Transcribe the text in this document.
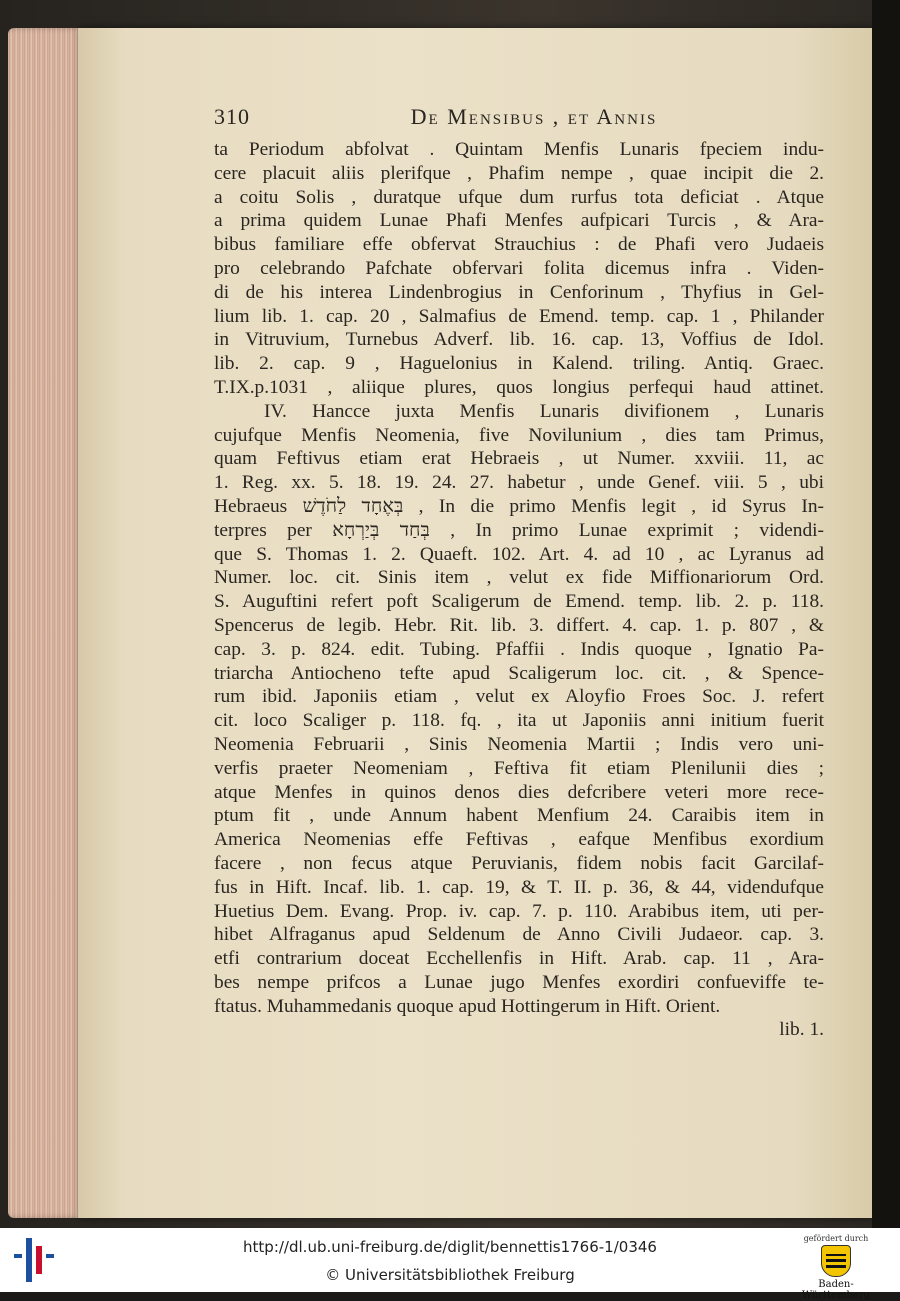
310	De Mensibus , et Annis
ta Periodum abfolvat . Quintam Menfis Lunaris fpeciem indu-
cere placuit aliis plerifque , Phafim nempe , quae incipit die 2.
a coitu Solis , duratque ufque dum rurfus tota deficiat . Atque
a prima quidem Lunae Phafi Menfes aufpicari Turcis , & Ara-
bibus familiare effe obfervat Strauchius : de Phafi vero Judaeis
pro celebrando Pafchate obfervari folita dicemus infra . Viden-
di de his interea Lindenbrogius in Cenforinum , Thyfius in Gel-
lium lib. 1. cap. 20 , Salmafius de Emend. temp. cap. 1 , Philander
in Vitruvium, Turnebus Adverf. lib. 16. cap. 13, Voffius de Idol.
lib. 2. cap. 9 , Haguelonius in Kalend. triling. Antiq. Graec.
T.IX.p.1031 , aliique plures, quos longius perfequi haud attinet.
IV. Hancce juxta Menfis Lunaris divifionem , Lunaris
cujufque Menfis Neomenia, five Novilunium , dies tam Primus,
quam Feftivus etiam erat Hebraeis , ut Numer. xxviii. 11, ac
1. Reg. xx. 5. 18. 19. 24. 27. habetur , unde Genef. viii. 5 , ubi
Hebraeus בְּאֶחָד לַחֹדֶשׁ , In die primo Menfis legit , id Syrus In-
terpres per בְּחַד בְּיַרְחָא , In primo Lunae exprimit ; videndi-
que S. Thomas 1. 2. Quaeft. 102. Art. 4. ad 10 , ac Lyranus ad
Numer. loc. cit. Sinis item , velut ex fide Miffionariorum Ord.
S. Auguftini refert poft Scaligerum de Emend. temp. lib. 2. p. 118.
Spencerus de legib. Hebr. Rit. lib. 3. differt. 4. cap. 1. p. 807 , &
cap. 3. p. 824. edit. Tubing. Pfaffii . Indis quoque , Ignatio Pa-
triarcha Antiocheno tefte apud Scaligerum loc. cit. , & Spence-
rum ibid. Japoniis etiam , velut ex Aloyfio Froes Soc. J. refert
cit. loco Scaliger p. 118. fq. , ita ut Japoniis anni initium fuerit
Neomenia Februarii , Sinis Neomenia Martii ; Indis vero uni-
verfis praeter Neomeniam , Feftiva fit etiam Plenilunii dies ;
atque Menfes in quinos denos dies defcribere veteri more rece-
ptum fit , unde Annum habent Menfium 24. Caraibis item in
America Neomenias effe Feftivas , eafque Menfibus exordium
facere , non fecus atque Peruvianis, fidem nobis facit Garcilaf-
fus in Hift. Incaf. lib. 1. cap. 19, & T. II. p. 36, & 44, videndufque
Huetius Dem. Evang. Prop. iv. cap. 7. p. 110. Arabibus item, uti per-
hibet Alfraganus apud Seldenum de Anno Civili Judaeor. cap. 3.
etfi contrarium doceat Ecchellenfis in Hift. Arab. cap. 11 , Ara-
bes nempe prifcos a Lunae jugo Menfes exordiri confueviffe te-
ftatus. Muhammedanis quoque apud Hottingerum in Hift. Orient.
lib. 1.
http://dl.ub.uni-freiburg.de/diglit/bennettis1766-1/0346
© Universitätsbibliothek Freiburg
gefördert durch
Baden-Württemberg
